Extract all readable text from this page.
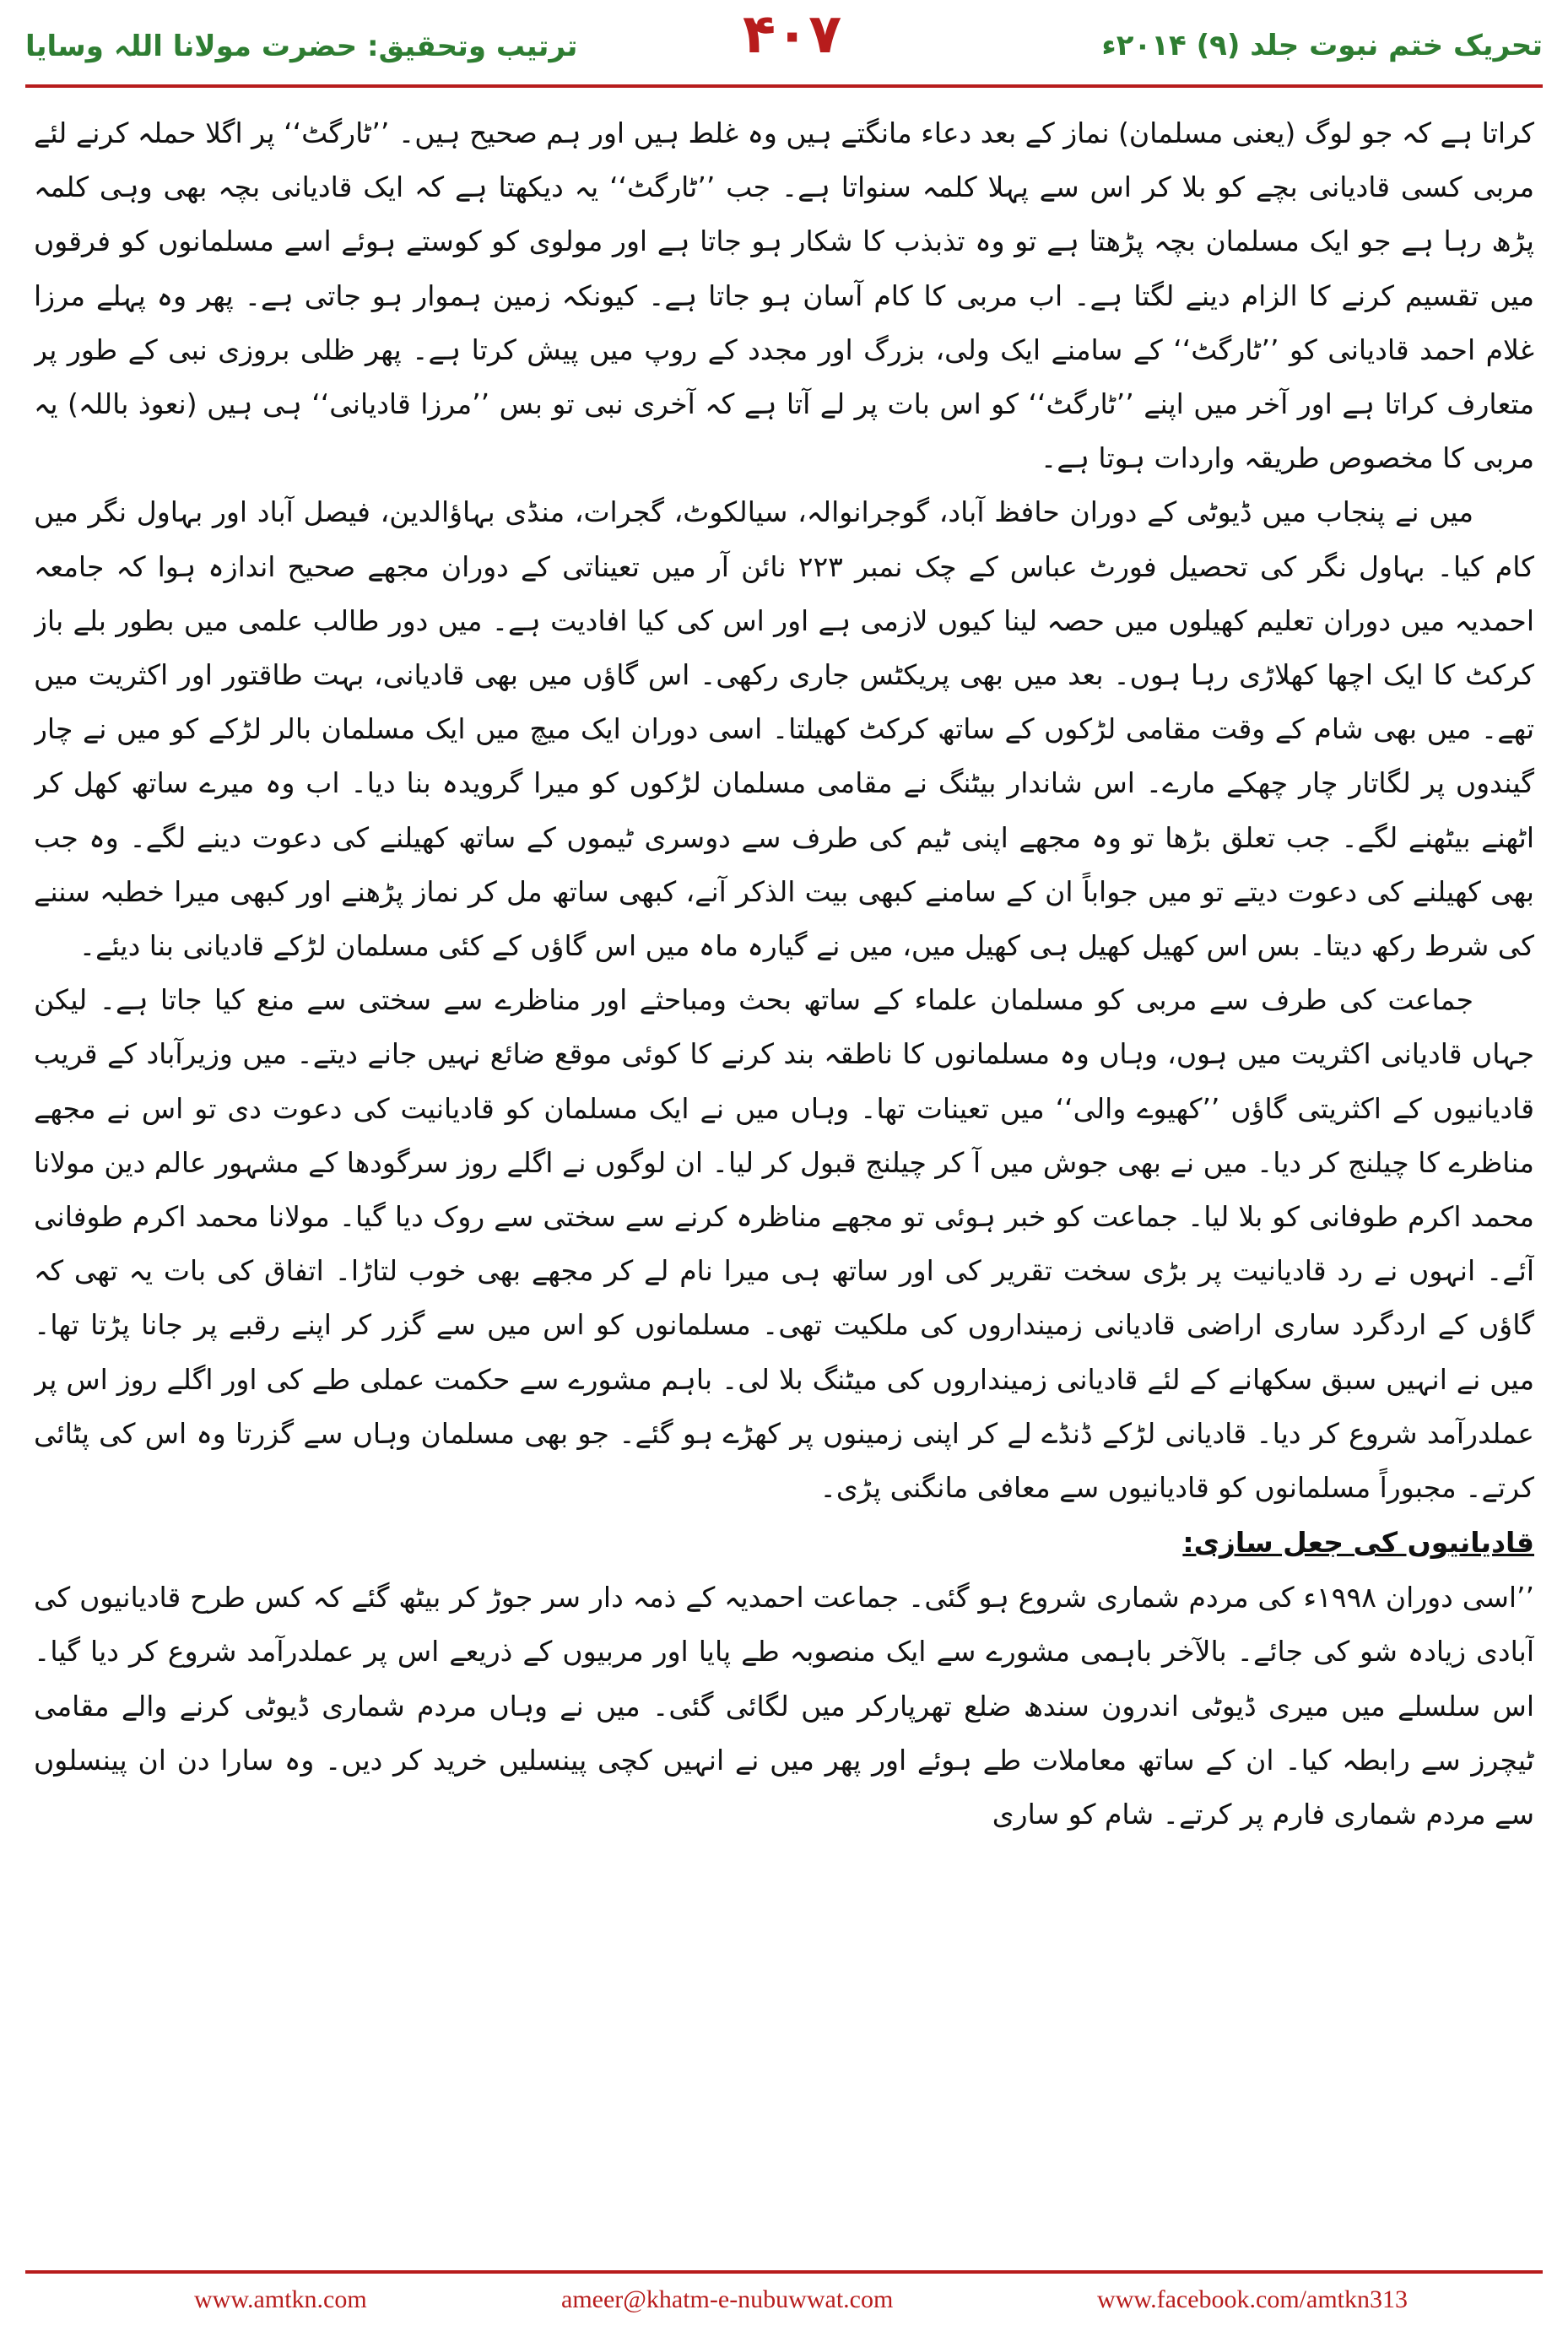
ترتیب وتحقیق: حضرت مولانا اللہ وسایا	۴۰۷	تحریک ختم نبوت جلد (۹) ۲۰۱۴ء

کراتا ہے کہ جو لوگ (یعنی مسلمان) نماز کے بعد دعاء مانگتے ہیں وہ غلط ہیں اور ہم صحیح ہیں۔ ’’ٹارگٹ‘‘ پر اگلا حملہ کرنے لئے مربی کسی قادیانی بچے کو بلا کر اس سے پہلا کلمہ سنواتا ہے۔ جب ’’ٹارگٹ‘‘ یہ دیکھتا ہے کہ ایک قادیانی بچہ بھی وہی کلمہ پڑھ رہا ہے جو ایک مسلمان بچہ پڑھتا ہے تو وہ تذبذب کا شکار ہو جاتا ہے اور مولوی کو کوستے ہوئے اسے مسلمانوں کو فرقوں میں تقسیم کرنے کا الزام دینے لگتا ہے۔ اب مربی کا کام آسان ہو جاتا ہے۔ کیونکہ زمین ہموار ہو جاتی ہے۔ پھر وہ پہلے مرزا غلام احمد قادیانی کو ’’ٹارگٹ‘‘ کے سامنے ایک ولی، بزرگ اور مجدد کے روپ میں پیش کرتا ہے۔ پھر ظلی بروزی نبی کے طور پر متعارف کراتا ہے اور آخر میں اپنے ’’ٹارگٹ‘‘ کو اس بات پر لے آتا ہے کہ آخری نبی تو بس ’’مرزا قادیانی‘‘ ہی ہیں (نعوذ باللہ) یہ مربی کا مخصوص طریقہ واردات ہوتا ہے۔

میں نے پنجاب میں ڈیوٹی کے دوران حافظ آباد، گوجرانوالہ، سیالکوٹ، گجرات، منڈی بہاؤالدین، فیصل آباد اور بہاول نگر میں کام کیا۔ بہاول نگر کی تحصیل فورٹ عباس کے چک نمبر ۲۲۳ نائن آر میں تعیناتی کے دوران مجھے صحیح اندازہ ہوا کہ جامعہ احمدیہ میں دوران تعلیم کھیلوں میں حصہ لینا کیوں لازمی ہے اور اس کی کیا افادیت ہے۔ میں دور طالب علمی میں بطور بلے باز کرکٹ کا ایک اچھا کھلاڑی رہا ہوں۔ بعد میں بھی پریکٹس جاری رکھی۔ اس گاؤں میں بھی قادیانی، بہت طاقتور اور اکثریت میں تھے۔ میں بھی شام کے وقت مقامی لڑکوں کے ساتھ کرکٹ کھیلتا۔ اسی دوران ایک میچ میں ایک مسلمان بالر لڑکے کو میں نے چار گیندوں پر لگاتار چار چھکے مارے۔ اس شاندار بیٹنگ نے مقامی مسلمان لڑکوں کو میرا گرویدہ بنا دیا۔ اب وہ میرے ساتھ کھل کر اٹھنے بیٹھنے لگے۔ جب تعلق بڑھا تو وہ مجھے اپنی ٹیم کی طرف سے دوسری ٹیموں کے ساتھ کھیلنے کی دعوت دینے لگے۔ وہ جب بھی کھیلنے کی دعوت دیتے تو میں جواباً ان کے سامنے کبھی بیت الذکر آنے، کبھی ساتھ مل کر نماز پڑھنے اور کبھی میرا خطبہ سننے کی شرط رکھ دیتا۔ بس اس کھیل کھیل ہی کھیل میں، میں نے گیارہ ماہ میں اس گاؤں کے کئی مسلمان لڑکے قادیانی بنا دیئے۔

جماعت کی طرف سے مربی کو مسلمان علماء کے ساتھ بحث ومباحثے اور مناظرے سے سختی سے منع کیا جاتا ہے۔ لیکن جہاں قادیانی اکثریت میں ہوں، وہاں وہ مسلمانوں کا ناطقہ بند کرنے کا کوئی موقع ضائع نہیں جانے دیتے۔ میں وزیرآباد کے قریب قادیانیوں کے اکثریتی گاؤں ’’کھیوے والی‘‘ میں تعینات تھا۔ وہاں میں نے ایک مسلمان کو قادیانیت کی دعوت دی تو اس نے مجھے مناظرے کا چیلنج کر دیا۔ میں نے بھی جوش میں آ کر چیلنج قبول کر لیا۔ ان لوگوں نے اگلے روز سرگودھا کے مشہور عالم دین مولانا محمد اکرم طوفانی کو بلا لیا۔ جماعت کو خبر ہوئی تو مجھے مناظرہ کرنے سے سختی سے روک دیا گیا۔ مولانا محمد اکرم طوفانی آئے۔ انہوں نے رد قادیانیت پر بڑی سخت تقریر کی اور ساتھ ہی میرا نام لے کر مجھے بھی خوب لتاڑا۔ اتفاق کی بات یہ تھی کہ گاؤں کے اردگرد ساری اراضی قادیانی زمینداروں کی ملکیت تھی۔ مسلمانوں کو اس میں سے گزر کر اپنے رقبے پر جانا پڑتا تھا۔ میں نے انہیں سبق سکھانے کے لئے قادیانی زمینداروں کی میٹنگ بلا لی۔ باہم مشورے سے حکمت عملی طے کی اور اگلے روز اس پر عملدرآمد شروع کر دیا۔ قادیانی لڑکے ڈنڈے لے کر اپنی زمینوں پر کھڑے ہو گئے۔ جو بھی مسلمان وہاں سے گزرتا وہ اس کی پٹائی کرتے۔ مجبوراً مسلمانوں کو قادیانیوں سے معافی مانگنی پڑی۔

قادیانیوں کی جعل سازی:

’’اسی دوران ۱۹۹۸ء کی مردم شماری شروع ہو گئی۔ جماعت احمدیہ کے ذمہ دار سر جوڑ کر بیٹھ گئے کہ کس طرح قادیانیوں کی آبادی زیادہ شو کی جائے۔ بالآخر باہمی مشورے سے ایک منصوبہ طے پایا اور مربیوں کے ذریعے اس پر عملدرآمد شروع کر دیا گیا۔ اس سلسلے میں میری ڈیوٹی اندرون سندھ ضلع تھرپارکر میں لگائی گئی۔ میں نے وہاں مردم شماری ڈیوٹی کرنے والے مقامی ٹیچرز سے رابطہ کیا۔ ان کے ساتھ معاملات طے ہوئے اور پھر میں نے انہیں کچی پینسلیں خرید کر دیں۔ وہ سارا دن ان پینسلوں سے مردم شماری فارم پر کرتے۔ شام کو ساری

www.amtkn.com	ameer@khatm-e-nubuwwat.com	www.facebook.com/amtkn313
